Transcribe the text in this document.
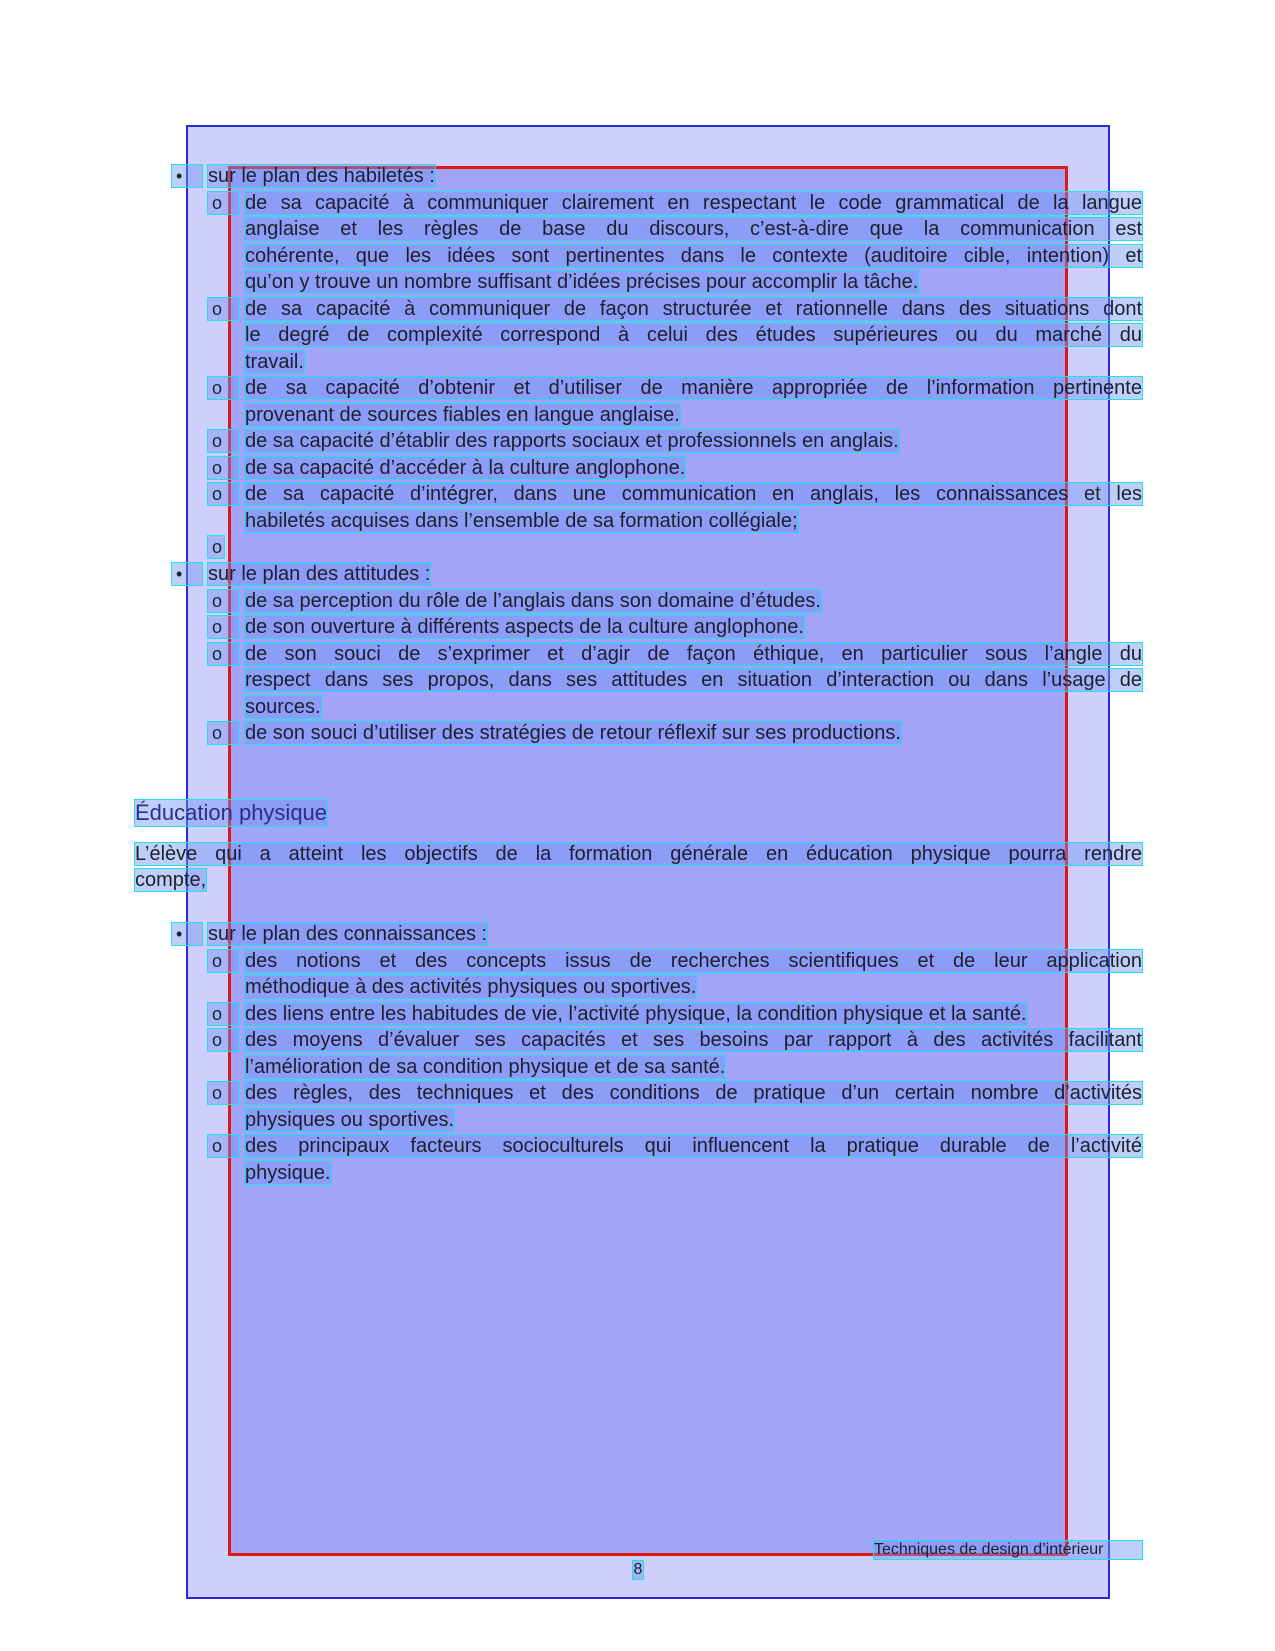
•	sur le plan des habiletés :
o	de sa capacité à communiquer clairement en respectant le code grammatical de la langue
anglaise et les règles de base du discours, c’est-à-dire que la communication est
cohérente, que les idées sont pertinentes dans le contexte (auditoire cible, intention) et
qu’on y trouve un nombre suffisant d’idées précises pour accomplir la tâche.
o	de sa capacité à communiquer de façon structurée et rationnelle dans des situations dont
le degré de complexité correspond à celui des études supérieures ou du marché du
travail.
o	de sa capacité d’obtenir et d’utiliser de manière appropriée de l’information pertinente
provenant de sources fiables en langue anglaise.
o	de sa capacité d’établir des rapports sociaux et professionnels en anglais.
o	de sa capacité d’accéder à la culture anglophone.
o	de sa capacité d’intégrer, dans une communication en anglais, les connaissances et les
habiletés acquises dans l’ensemble de sa formation collégiale;
o
•	sur le plan des attitudes :
o	de sa perception du rôle de l’anglais dans son domaine d’études.
o	de son ouverture à différents aspects de la culture anglophone.
o	de son souci de s’exprimer et d’agir de façon éthique, en particulier sous l’angle du
respect dans ses propos, dans ses attitudes en situation d’interaction ou dans l’usage de
sources.
o	de son souci d’utiliser des stratégies de retour réflexif sur ses productions.
Éducation physique
L’élève qui a atteint les objectifs de la formation générale en éducation physique pourra rendre
compte,
•	sur le plan des connaissances :
o	des notions et des concepts issus de recherches scientifiques et de leur application
méthodique à des activités physiques ou sportives.
o	des liens entre les habitudes de vie, l’activité physique, la condition physique et la santé.
o	des moyens d’évaluer ses capacités et ses besoins par rapport à des activités facilitant
l’amélioration de sa condition physique et de sa santé.
o	des règles, des techniques et des conditions de pratique d’un certain nombre d’activités
physiques ou sportives.
o	des principaux facteurs socioculturels qui influencent la pratique durable de l’activité
physique.
Techniques de design d’intérieur
8
